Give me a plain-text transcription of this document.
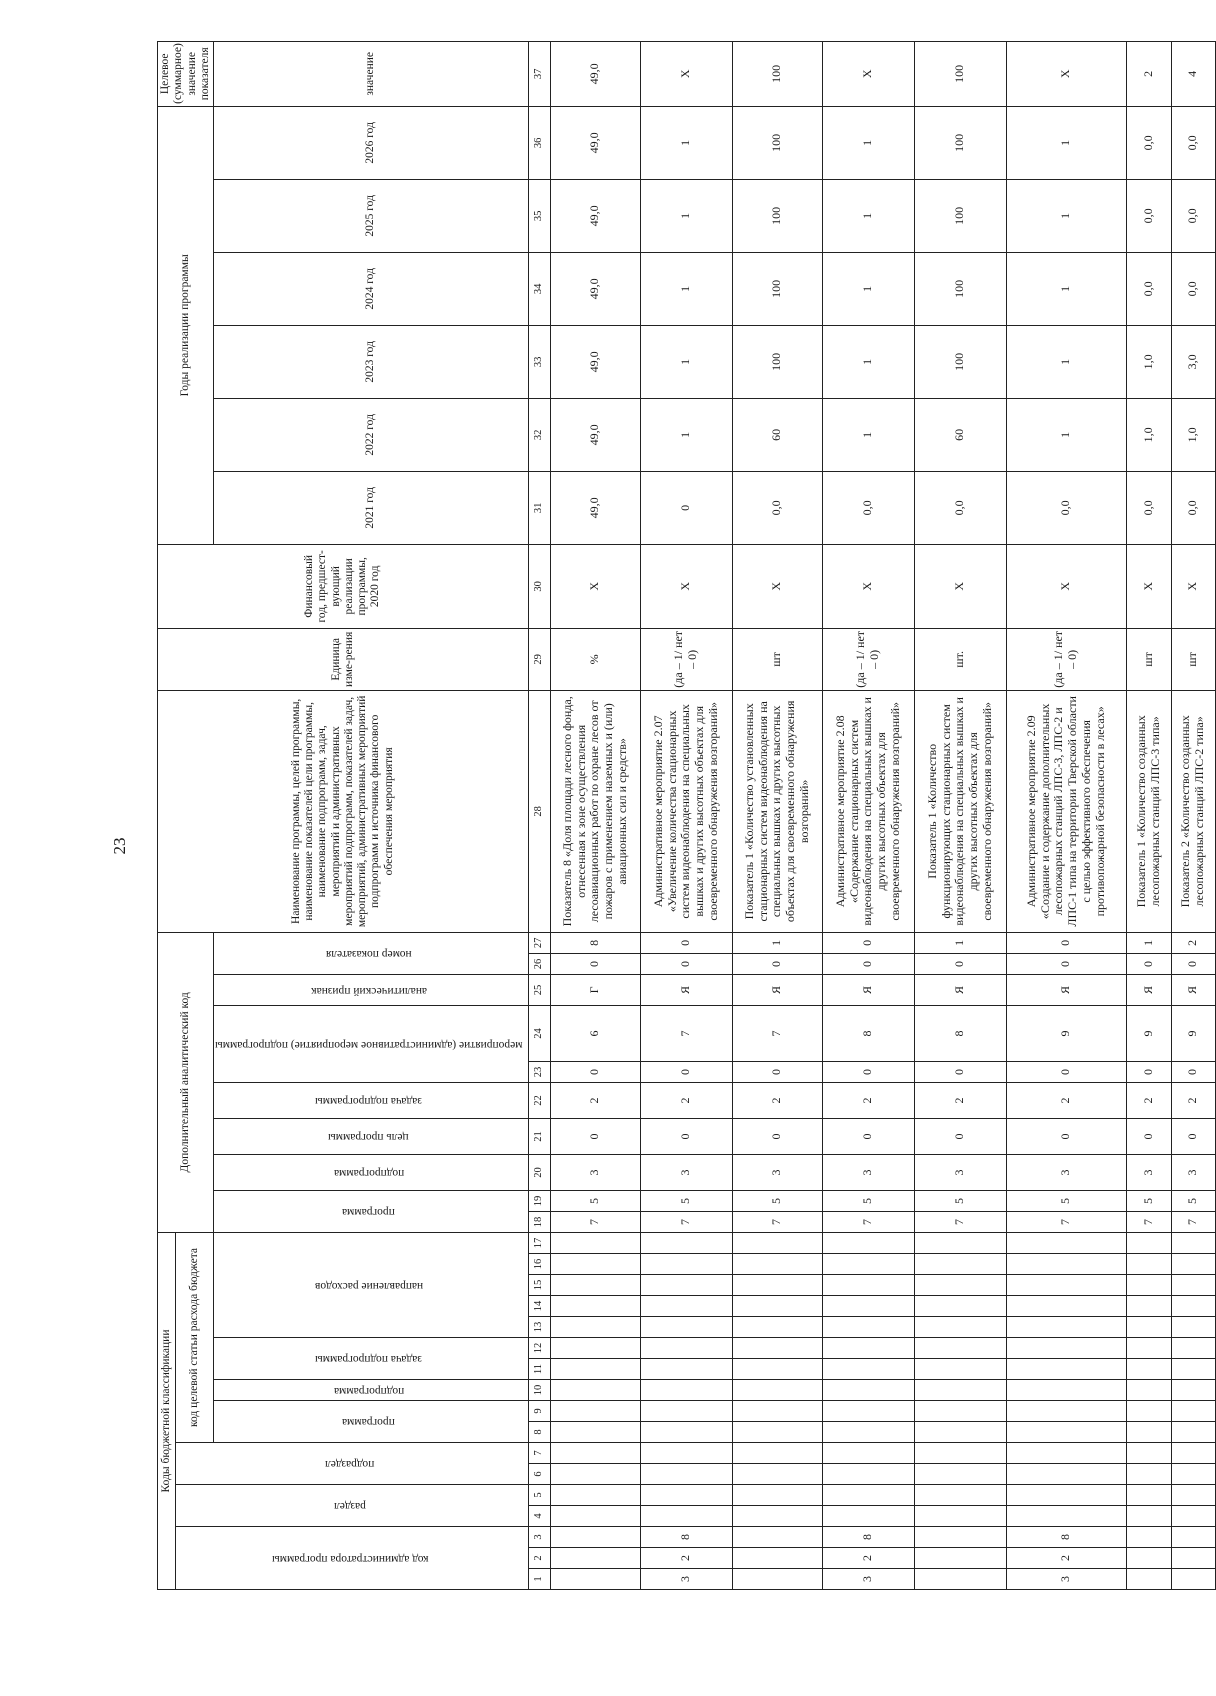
23
Коды бюджетной классификации																	Дополнительный аналитический код										Наименование программы, целей программы, наименование показателей цели программы, наименование подпрограмм, задач, мероприятий и административных мероприятий подпрограмм, показателей задач, мероприятий, административных мероприятий подпрограмм и источника финансового обеспечения мероприятия	Единица изме-рения	Финансовый год, предшест-вующий реализации программы, 2020 год	Годы реализации программы						Целевое (суммарное) значение показателя
код администратора программы			раздел		подраздел		код целевой статьи расхода бюджета																													
							программа		подпрограмма	задача подпрограммы		направление расходов					программа		подпрограмма	цель программы	задача подпрограммы	мероприятие (административное мероприятие) подпрограммы		аналитический признак	номер показателя					2021 год	2022 год	2023 год	2024 год	2025 год	2026 год	значение
1	2	3	4	5	6	7	8	9	10	11	12	13	14	15	16	17	18	19	20	21	22	23	24	25	26	27	28	29	30	31	32	33	34	35	36	37
																	7	5	3	0	2	0	6	Г	0	8	Показатель 8 «Доля площади лесного фонда, отнесенная к зоне осуществления лесоавиационных работ по охране лесов от пожаров с применением наземных и (или) авиационных сил и средств»	%	X	49,0	49,0	49,0	49,0	49,0	49,0	49,0
3	2	8															7	5	3	0	2	0	7	Я	0	0	Административное мероприятие 2.07 «Увеличение количества стационарных систем видеонаблюдения на специальных вышках и других высотных объектах для своевременного обнаружения возгораний»	(да – 1/ нет – 0)	X	0	1	1	1	1	1	X
																	7	5	3	0	2	0	7	Я	0	1	Показатель 1 «Количество установленных стационарных систем видеонаблюдения на специальных вышках и других высотных объектах для своевременного обнаружения возгораний»	шт	X	0,0	60	100	100	100	100	100
3	2	8															7	5	3	0	2	0	8	Я	0	0	Административное мероприятие 2.08 «Содержание стационарных систем видеонаблюдения на специальных вышках и других высотных объектах для своевременного обнаружения возгораний»	(да – 1/ нет – 0)	X	0,0	1	1	1	1	1	X
																	7	5	3	0	2	0	8	Я	0	1	Показатель 1 «Количество функционирующих стационарных систем видеонаблюдения на специальных вышках и других высотных объектах для своевременного обнаружения возгораний»	шт.	X	0,0	60	100	100	100	100	100
3	2	8															7	5	3	0	2	0	9	Я	0	0	Административное мероприятие 2.09 «Создание и содержание дополнительных лесопожарных станций ЛПС-3, ЛПС-2 и ЛПС-1 типа на территории Тверской области с целью эффективного обеспечения противопожарной безопасности в лесах»	(да – 1/ нет – 0)	X	0,0	1	1	1	1	1	X
																	7	5	3	0	2	0	9	Я	0	1	Показатель 1 «Количество созданных лесопожарных станций ЛПС-3 типа»	шт	X	0,0	1,0	1,0	0,0	0,0	0,0	2
																	7	5	3	0	2	0	9	Я	0	2	Показатель 2 «Количество созданных лесопожарных станций ЛПС-2 типа»	шт	X	0,0	1,0	3,0	0,0	0,0	0,0	4
